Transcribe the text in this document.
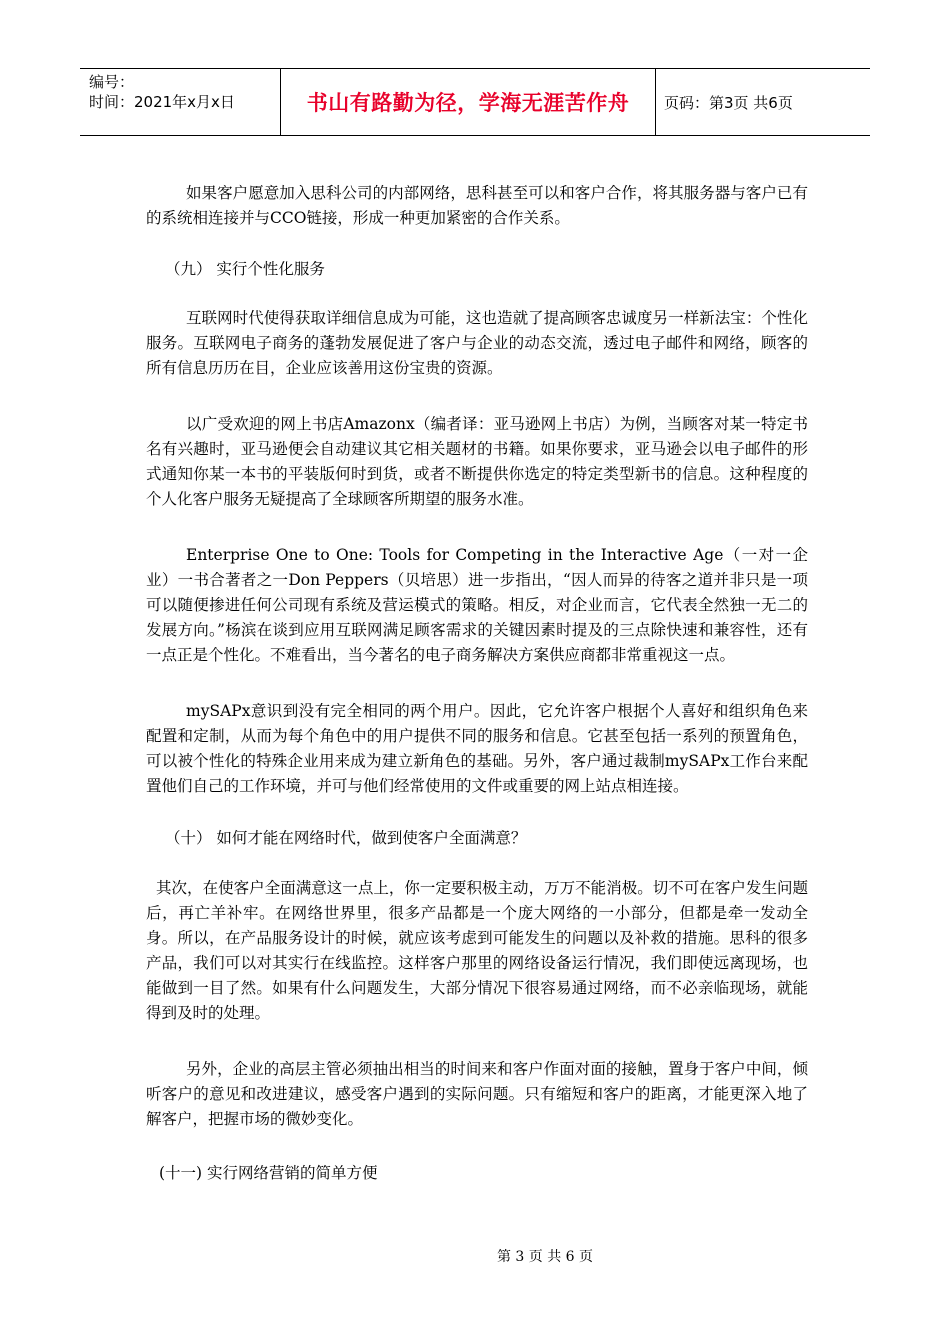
编号：
时间：2021年x月x日	书山有路勤为径，学海无涯苦作舟	页码：第3页 共6页

如果客户愿意加入思科公司的内部网络，思科甚至可以和客户合作，将其服务器与客户已有的系统相连接并与CCO链接，形成一种更加紧密的合作关系。

（九） 实行个性化服务

互联网时代使得获取详细信息成为可能，这也造就了提高顾客忠诚度另一样新法宝：个性化服务。互联网电子商务的蓬勃发展促进了客户与企业的动态交流，透过电子邮件和网络，顾客的所有信息历历在目，企业应该善用这份宝贵的资源。

以广受欢迎的网上书店Amazonx（编者译：亚马逊网上书店）为例，当顾客对某一特定书名有兴趣时，亚马逊便会自动建议其它相关题材的书籍。如果你要求，亚马逊会以电子邮件的形式通知你某一本书的平装版何时到货，或者不断提供你选定的特定类型新书的信息。这种程度的个人化客户服务无疑提高了全球顾客所期望的服务水准。

Enterprise One to One: Tools for Competing in the Interactive Age（一对一企业）一书合著者之一Don Peppers（贝培思）进一步指出，“因人而异的待客之道并非只是一项可以随便掺进任何公司现有系统及营运模式的策略。相反，对企业而言，它代表全然独一无二的发展方向。”杨滨在谈到应用互联网满足顾客需求的关键因素时提及的三点除快速和兼容性，还有一点正是个性化。不难看出，当今著名的电子商务解决方案供应商都非常重视这一点。

mySAPx意识到没有完全相同的两个用户。因此，它允许客户根据个人喜好和组织角色来配置和定制，从而为每个角色中的用户提供不同的服务和信息。它甚至包括一系列的预置角色，可以被个性化的特殊企业用来成为建立新角色的基础。另外，客户通过裁制mySAPx工作台来配置他们自己的工作环境，并可与他们经常使用的文件或重要的网上站点相连接。

（十） 如何才能在网络时代，做到使客户全面满意？

其次，在使客户全面满意这一点上，你一定要积极主动，万万不能消极。切不可在客户发生问题后，再亡羊补牢。在网络世界里，很多产品都是一个庞大网络的一小部分，但都是牵一发动全身。所以，在产品服务设计的时候，就应该考虑到可能发生的问题以及补救的措施。思科的很多产品，我们可以对其实行在线监控。这样客户那里的网络设备运行情况，我们即使远离现场，也能做到一目了然。如果有什么问题发生，大部分情况下很容易通过网络，而不必亲临现场，就能得到及时的处理。

另外，企业的高层主管必须抽出相当的时间来和客户作面对面的接触，置身于客户中间，倾听客户的意见和改进建议，感受客户遇到的实际问题。只有缩短和客户的距离，才能更深入地了解客户，把握市场的微妙变化。

(十一) 实行网络营销的简单方便

第 3 页 共 6 页
